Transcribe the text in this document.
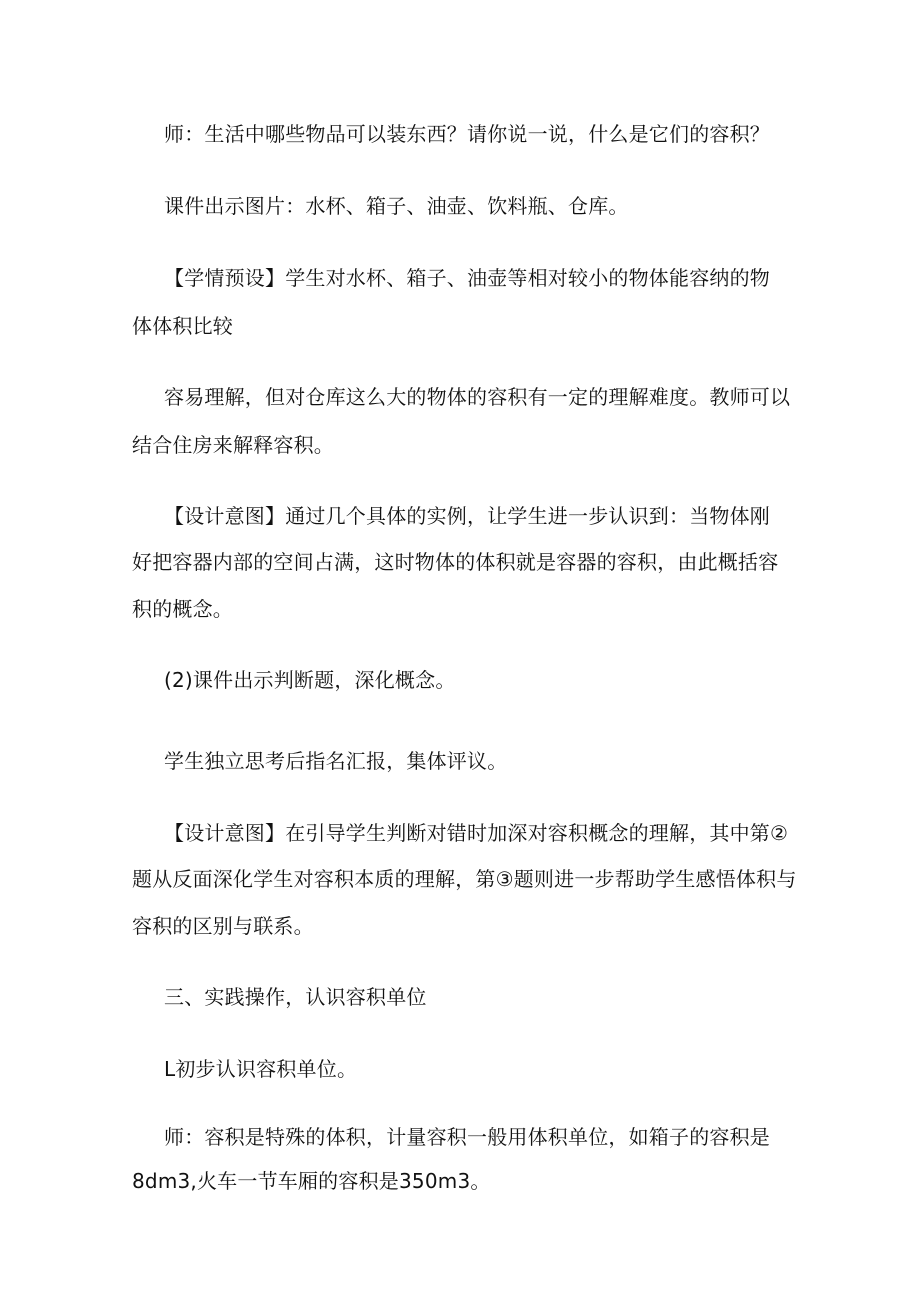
师：生活中哪些物品可以装东西？请你说一说，什么是它们的容积？
课件出示图片：水杯、箱子、油壶、饮料瓶、仓库。
【学情预设】学生对水杯、箱子、油壶等相对较小的物体能容纳的物
体体积比较
容易理解，但对仓库这么大的物体的容积有一定的理解难度。教师可以
结合住房来解释容积。
【设计意图】通过几个具体的实例，让学生进一步认识到：当物体刚
好把容器内部的空间占满，这时物体的体积就是容器的容积，由此概括容
积的概念。
(2)课件出示判断题，深化概念。
学生独立思考后指名汇报，集体评议。
【设计意图】在引导学生判断对错时加深对容积概念的理解，其中第②
题从反面深化学生对容积本质的理解，第③题则进一步帮助学生感悟体积与
容积的区别与联系。
三、实践操作，认识容积单位
L初步认识容积单位。
师：容积是特殊的体积，计量容积一般用体积单位，如箱子的容积是
8dm3,火车一节车厢的容积是350m3。
